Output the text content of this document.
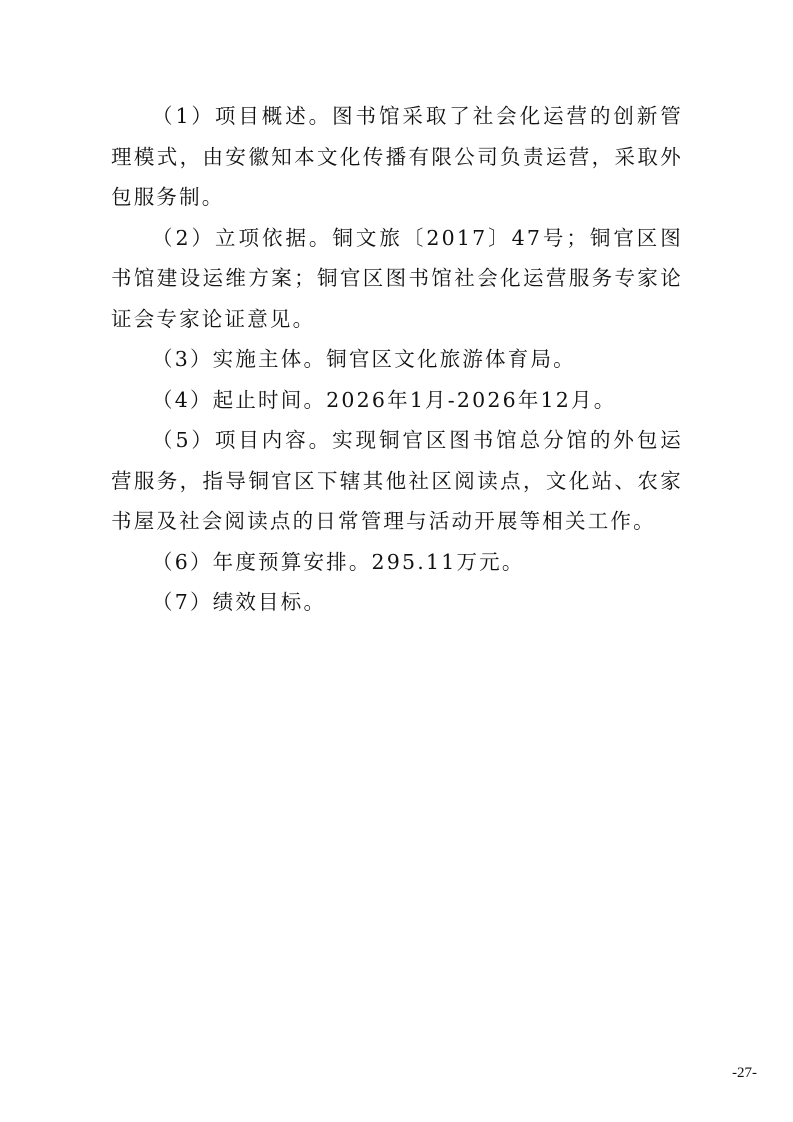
（1）项目概述。图书馆采取了社会化运营的创新管理模式，由安徽知本文化传播有限公司负责运营，采取外包服务制。

（2）立项依据。铜文旅〔2017〕47号；铜官区图书馆建设运维方案；铜官区图书馆社会化运营服务专家论证会专家论证意见。

（3）实施主体。铜官区文化旅游体育局。

（4）起止时间。2026年1月-2026年12月。

（5）项目内容。实现铜官区图书馆总分馆的外包运营服务，指导铜官区下辖其他社区阅读点，文化站、农家书屋及社会阅读点的日常管理与活动开展等相关工作。

（6）年度预算安排。295.11万元。

（7）绩效目标。

-27-
